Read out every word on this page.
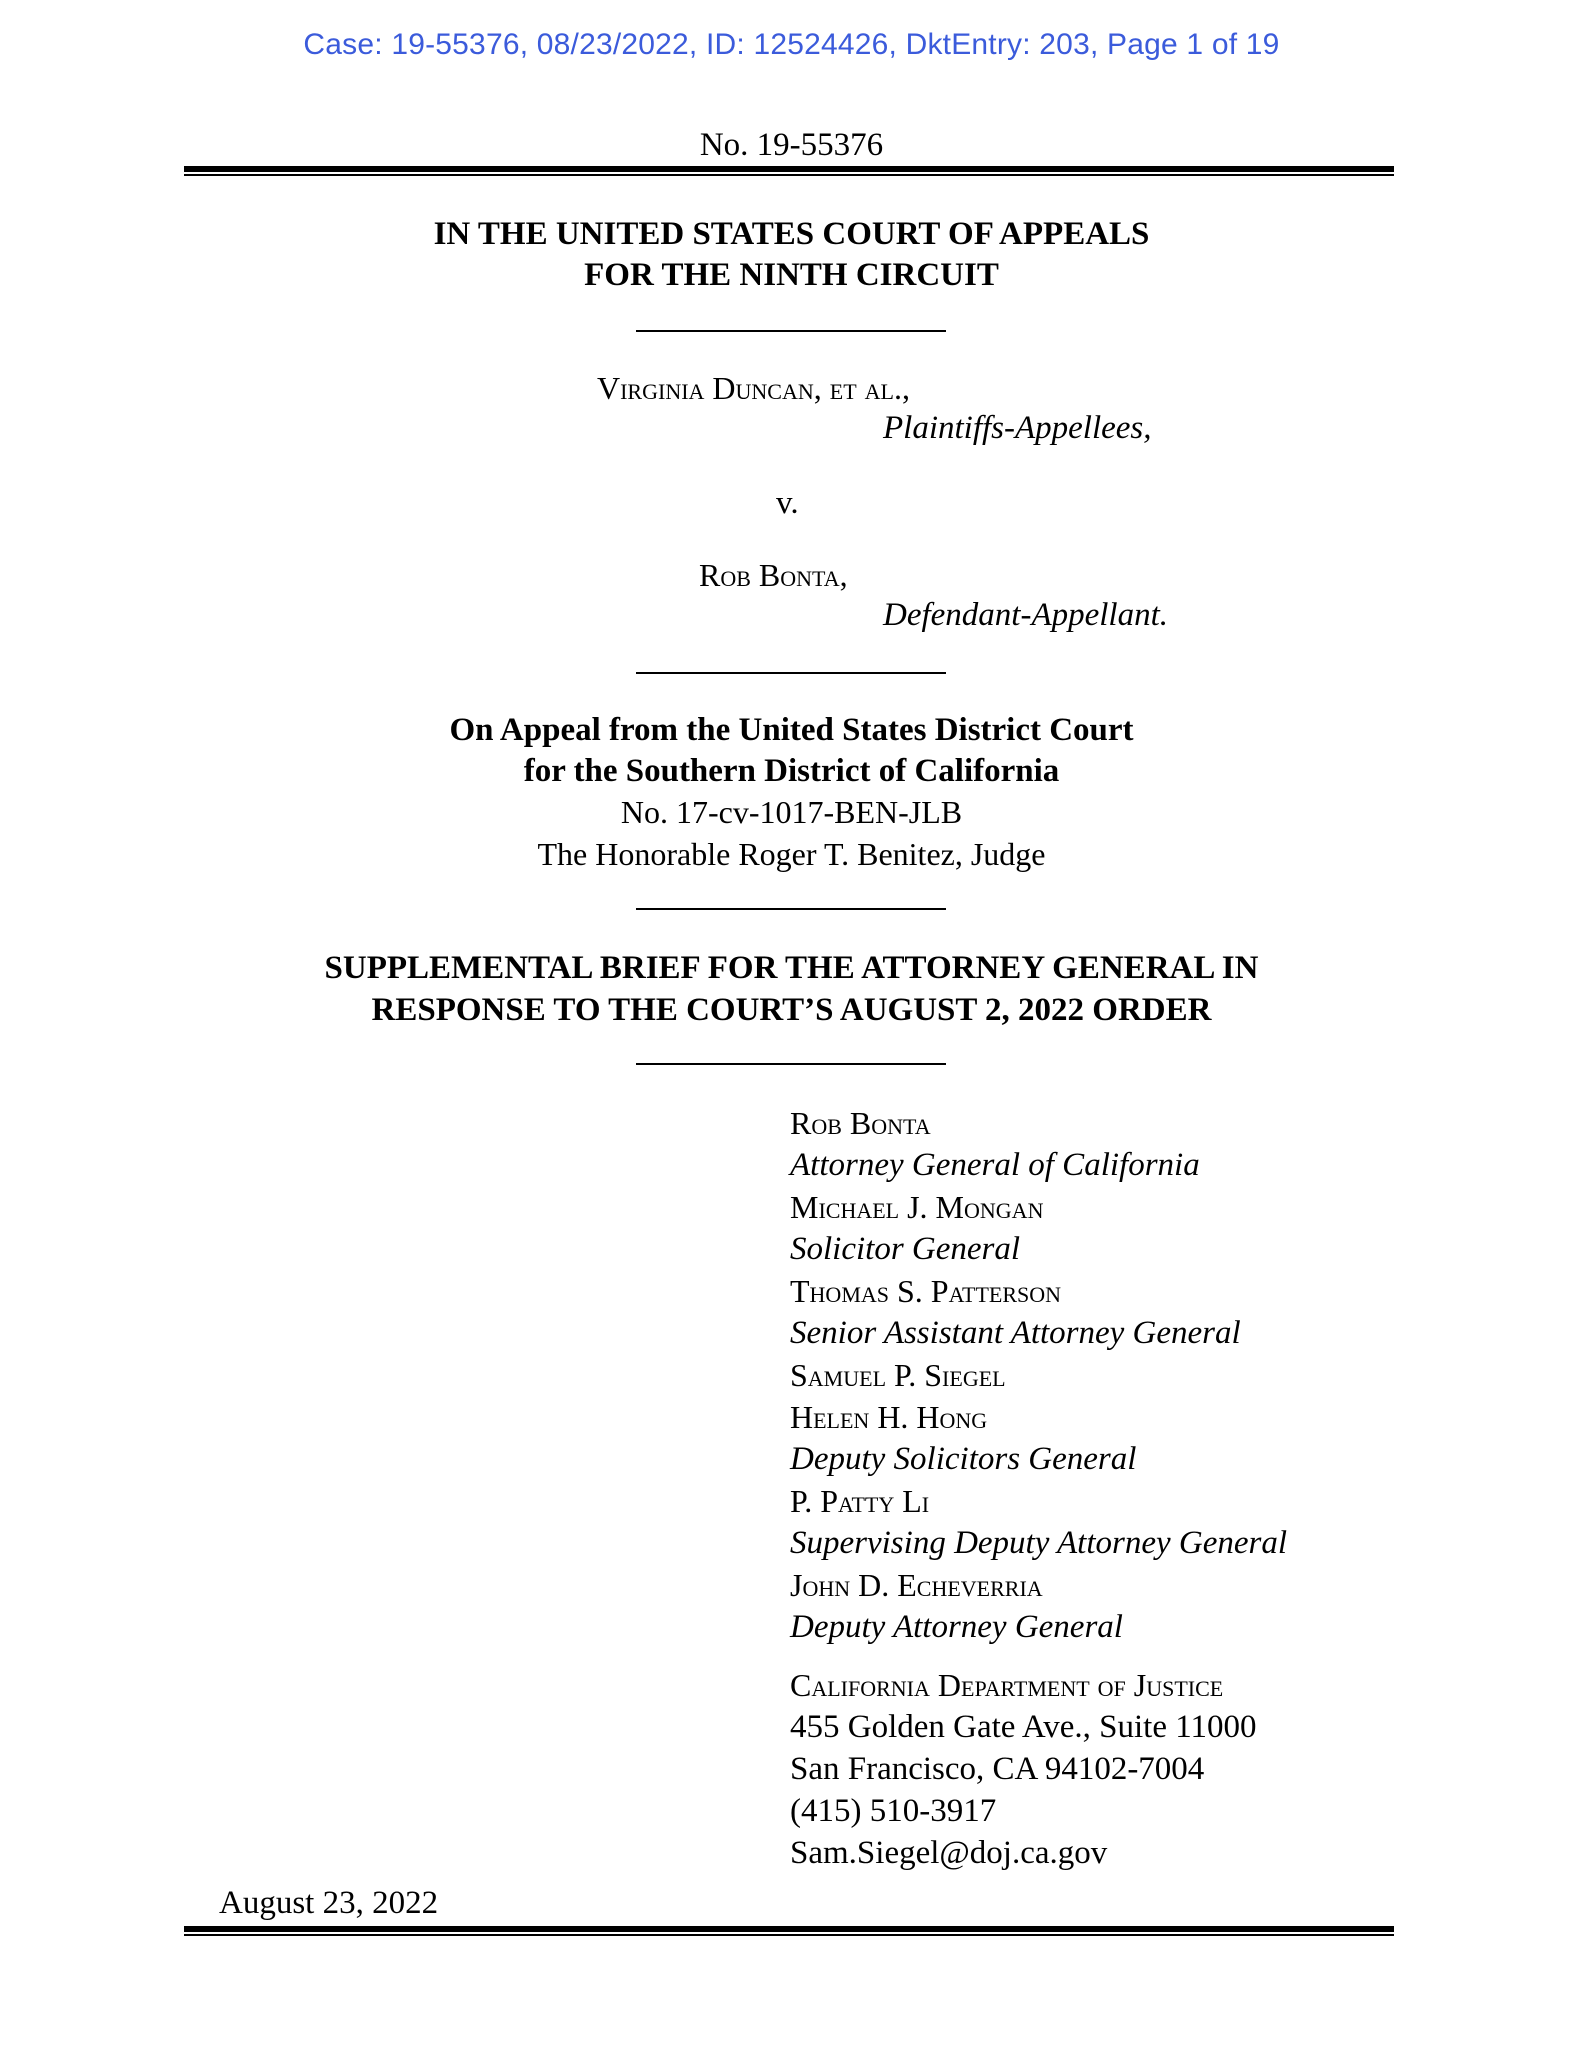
Case: 19-55376, 08/23/2022, ID: 12524426, DktEntry: 203, Page 1 of 19
No. 19-55376
IN THE UNITED STATES COURT OF APPEALS
FOR THE NINTH CIRCUIT
Virginia Duncan, et al.,
Plaintiffs-Appellees,
v.
Rob Bonta,
Defendant-Appellant.
On Appeal from the United States District Court
for the Southern District of California
No. 17-cv-1017-BEN-JLB
The Honorable Roger T. Benitez, Judge
SUPPLEMENTAL BRIEF FOR THE ATTORNEY GENERAL IN
RESPONSE TO THE COURT’S AUGUST 2, 2022 ORDER
Rob Bonta
Attorney General of California
Michael J. Mongan
Solicitor General
Thomas S. Patterson
Senior Assistant Attorney General
Samuel P. Siegel
Helen H. Hong
Deputy Solicitors General
P. Patty Li
Supervising Deputy Attorney General
John D. Echeverria
Deputy Attorney General
California Department of Justice
455 Golden Gate Ave., Suite 11000
San Francisco, CA 94102-7004
(415) 510-3917
Sam.Siegel@doj.ca.gov
August 23, 2022
